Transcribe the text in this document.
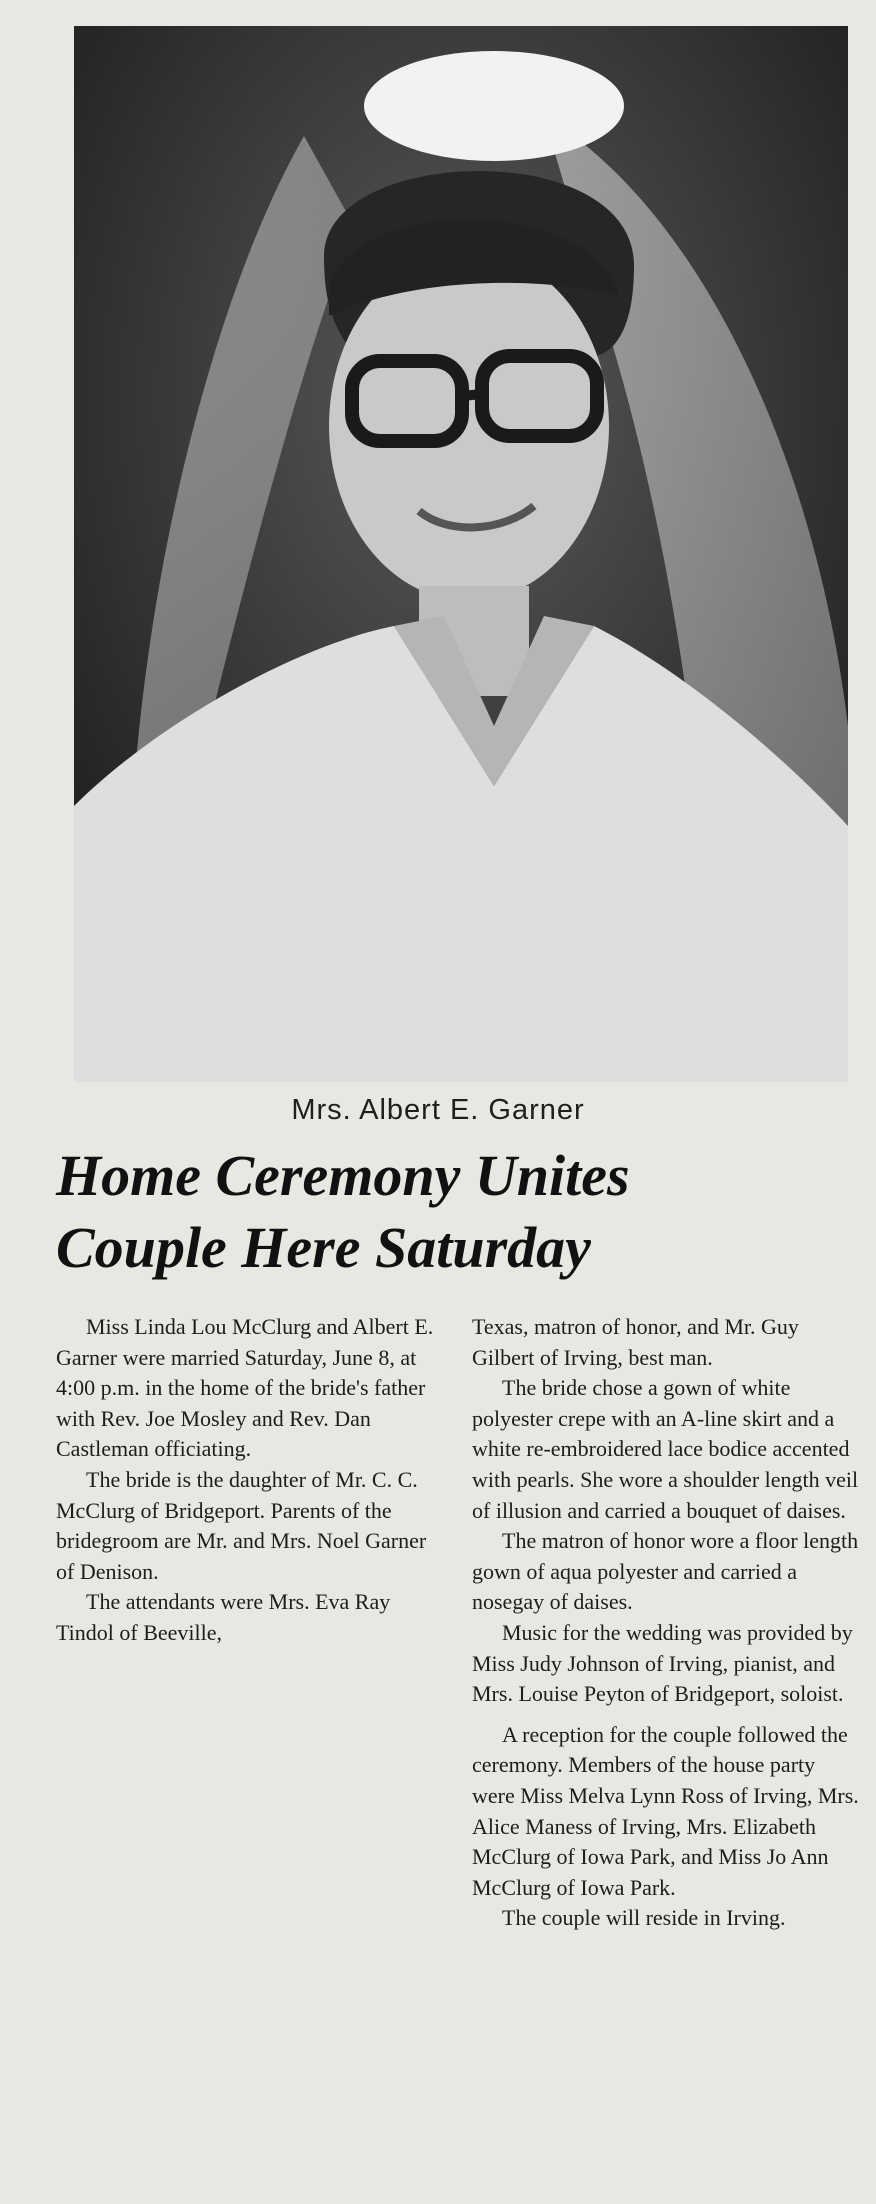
Mrs. Albert E. Garner
Home Ceremony Unites
Couple Here Saturday

Miss Linda Lou McClurg and Albert E. Garner were married Saturday, June 8, at 4:00 p.m. in the home of the bride's father with Rev. Joe Mosley and Rev. Dan Castleman officiating.

The bride is the daughter of Mr. C. C. McClurg of Bridgeport. Parents of the bridegroom are Mr. and Mrs. Noel Garner of Denison.

The attendants were Mrs. Eva Ray Tindol of Beeville,

Texas, matron of honor, and Mr. Guy Gilbert of Irving, best man.

The bride chose a gown of white polyester crepe with an A-line skirt and a white re-embroidered lace bodice accented with pearls. She wore a shoulder length veil of illusion and carried a bouquet of daises.

The matron of honor wore a floor length gown of aqua polyester and carried a nosegay of daises.

Music for the wedding was provided by Miss Judy Johnson of Irving, pianist, and Mrs. Louise Peyton of Bridgeport, soloist.

A reception for the couple followed the ceremony. Members of the house party were Miss Melva Lynn Ross of Irving, Mrs. Alice Maness of Irving, Mrs. Elizabeth McClurg of Iowa Park, and Miss Jo Ann McClurg of Iowa Park.

The couple will reside in Irving.
